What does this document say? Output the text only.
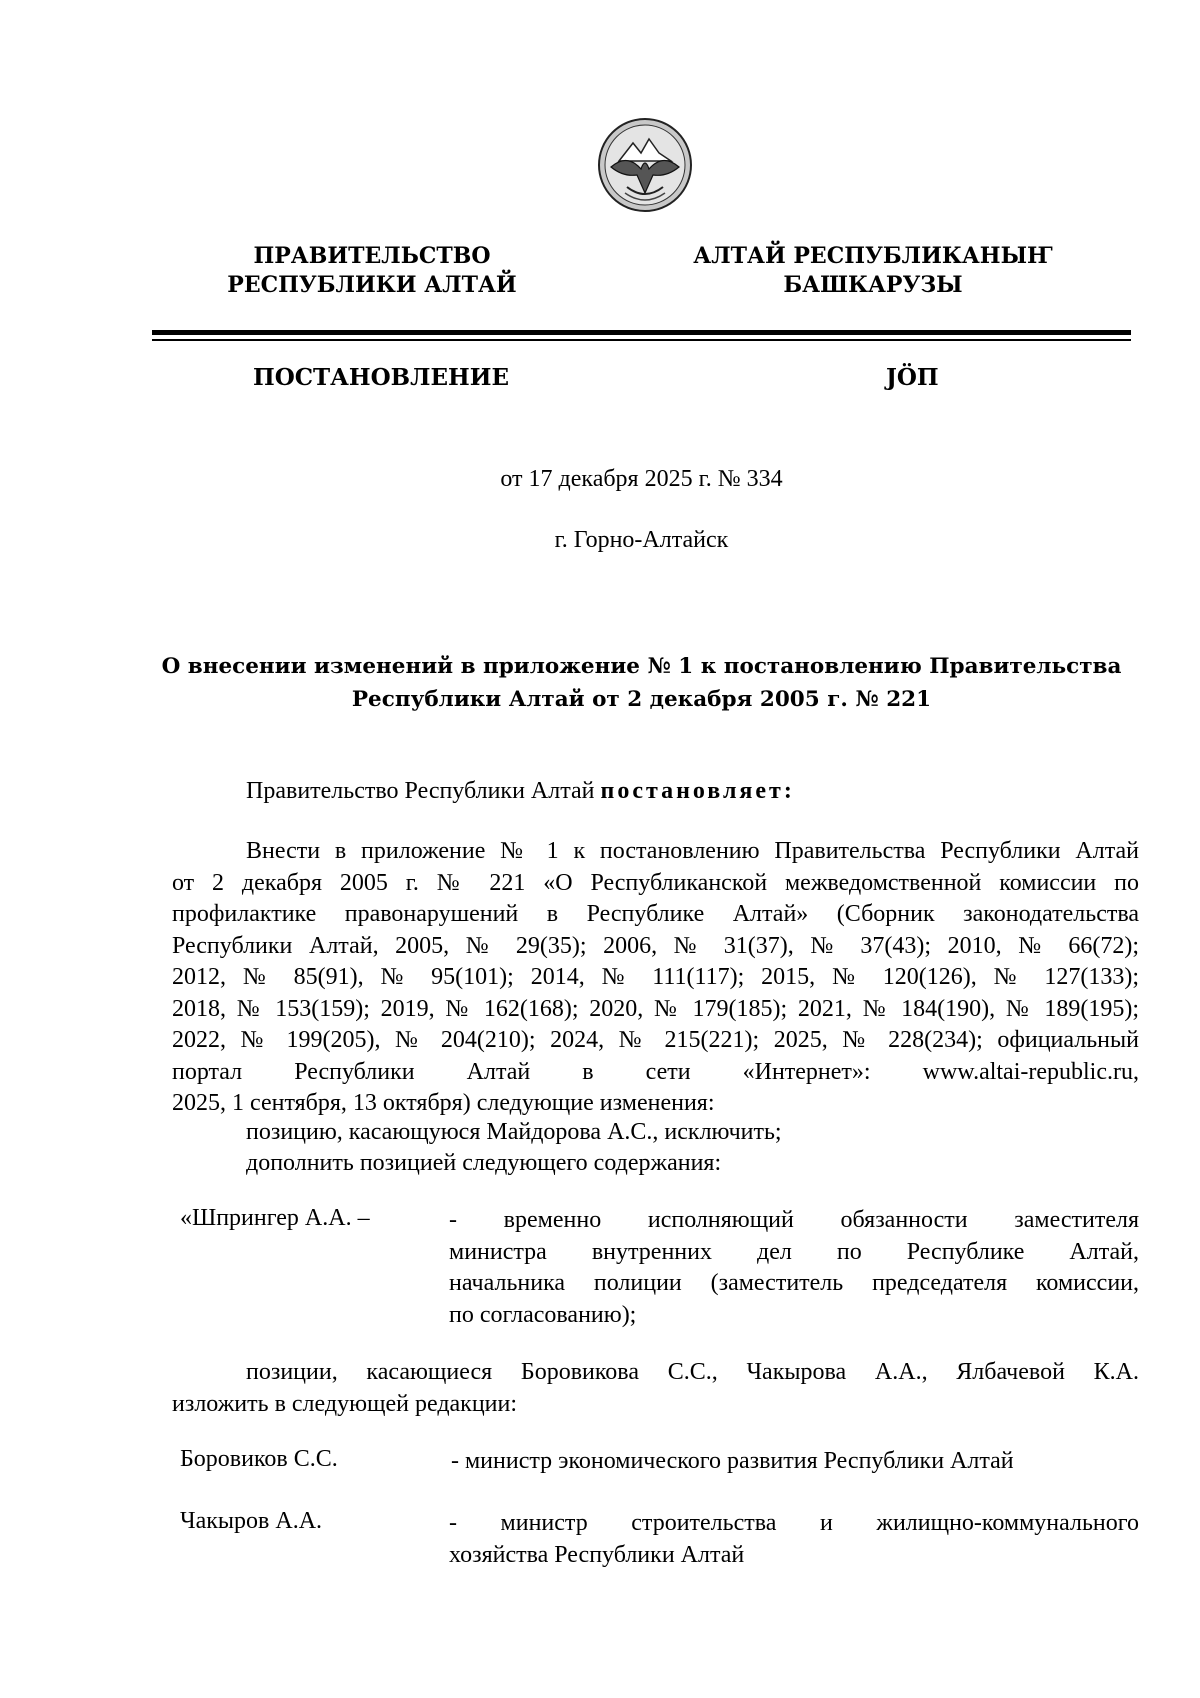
ПРАВИТЕЛЬСТВО
РЕСПУБЛИКИ АЛТАЙ
АЛТАЙ РЕСПУБЛИКАНЫҤ
БАШКАРУЗЫ
ПОСТАНОВЛЕНИЕ	JӦП
от 17 декабря 2025 г. № 334
г. Горно-Алтайск
О внесении изменений в приложение № 1 к постановлению Правительства
Республики Алтай от 2 декабря 2005 г. № 221
Правительство Республики Алтай постановляет:
Внести в приложение № 1 к постановлению Правительства Республики Алтай
от 2 декабря 2005 г. № 221 «О Республиканской межведомственной комиссии по
профилактике правонарушений в Республике Алтай» (Сборник законодательства
Республики Алтай, 2005, № 29(35); 2006, № 31(37), № 37(43); 2010, № 66(72);
2012, № 85(91), № 95(101); 2014, № 111(117); 2015, № 120(126), № 127(133);
2018, № 153(159); 2019, № 162(168); 2020, № 179(185); 2021, № 184(190), № 189(195);
2022, № 199(205), № 204(210); 2024, № 215(221); 2025, № 228(234); официальный
портал Республики Алтай в сети «Интернет»: www.altai-republic.ru,
2025, 1 сентября, 13 октября) следующие изменения:
позицию, касающуюся Майдорова А.С., исключить;
дополнить позицией следующего содержания:
«Шпрингер А.А. –	- временно исполняющий обязанности заместителя
министра внутренних дел по Республике Алтай,
начальника полиции (заместитель председателя комиссии,
по согласованию);
позиции, касающиеся Боровикова С.С., Чакырова А.А., Ялбачевой К.А.
изложить в следующей редакции:
Боровиков С.С.	- министр экономического развития Республики Алтай
Чакыров А.А.	- министр строительства и жилищно-коммунального
хозяйства Республики Алтай
